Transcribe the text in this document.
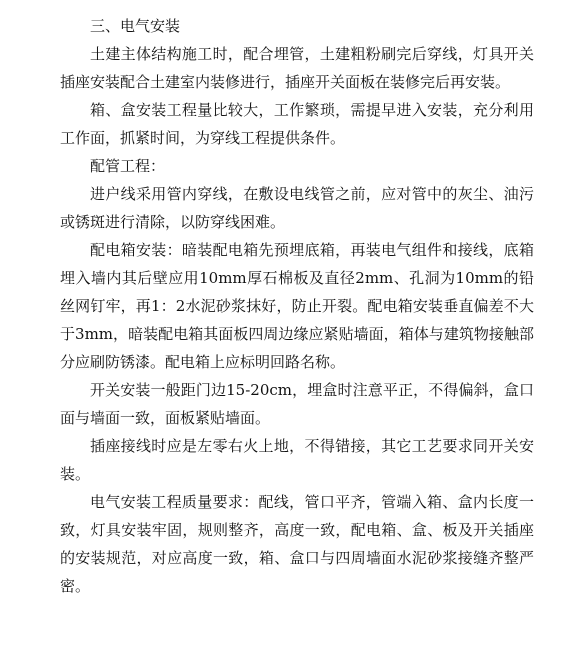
三、电气安装

土建主体结构施工时，配合埋管，土建粗粉刷完后穿线，灯具开关插座安装配合土建室内装修进行，插座开关面板在装修完后再安装。

箱、盒安装工程量比较大，工作繁琐，需提早进入安装，充分利用工作面，抓紧时间，为穿线工程提供条件。

配管工程：

进户线采用管内穿线，在敷设电线管之前，应对管中的灰尘、油污或锈斑进行清除，以防穿线困难。

配电箱安装：暗装配电箱先预埋底箱，再装电气组件和接线，底箱埋入墙内其后壁应用10mm厚石棉板及直径2mm、孔洞为10mm的铅丝网钉牢，再1：2水泥砂浆抹好，防止开裂。配电箱安装垂直偏差不大于3mm，暗装配电箱其面板四周边缘应紧贴墙面，箱体与建筑物接触部分应刷防锈漆。配电箱上应标明回路名称。

开关安装一般距门边15-20cm，埋盒时注意平正，不得偏斜，盒口面与墙面一致，面板紧贴墙面。

插座接线时应是左零右火上地，不得错接，其它工艺要求同开关安装。

电气安装工程质量要求：配线，管口平齐，管端入箱、盒内长度一致，灯具安装牢固，规则整齐，高度一致，配电箱、盒、板及开关插座的安装规范，对应高度一致，箱、盒口与四周墙面水泥砂浆接缝齐整严密。
